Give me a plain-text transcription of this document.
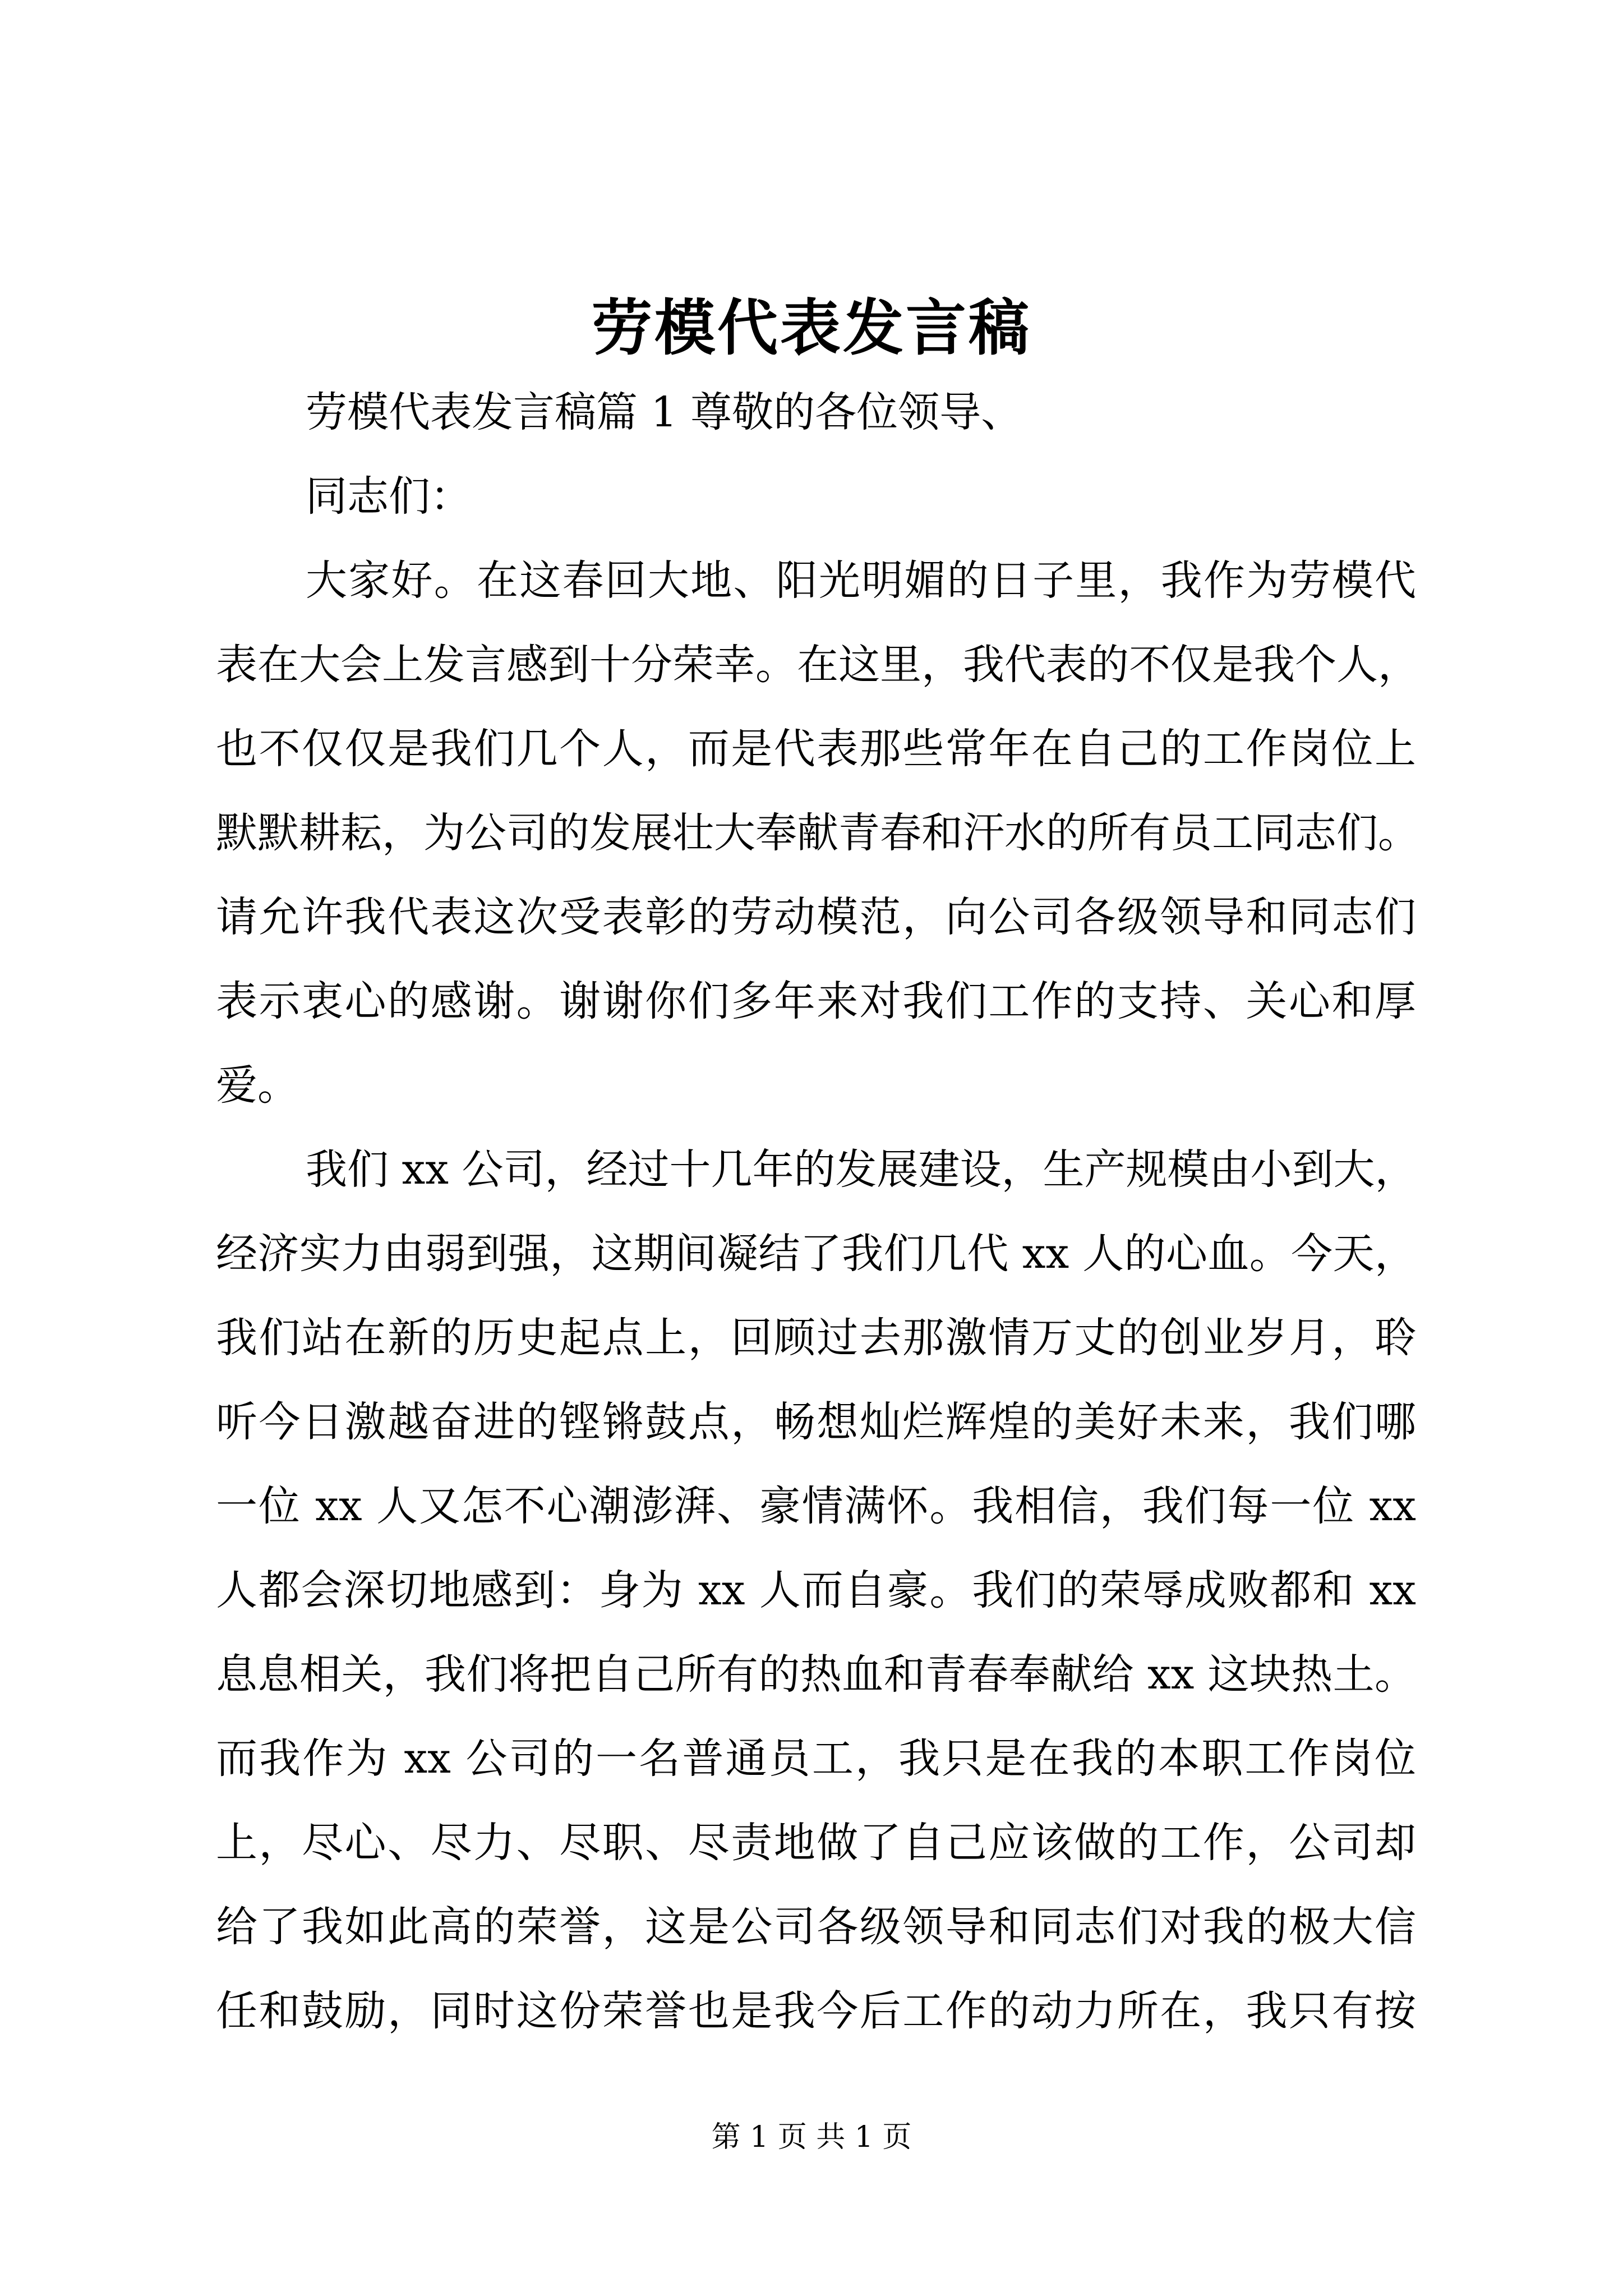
劳模代表发言稿
劳模代表发言稿篇 1 尊敬的各位领导、
同志们：
大家好。在这春回大地、阳光明媚的日子里，我作为劳模代
表在大会上发言感到十分荣幸。在这里，我代表的不仅是我个人，
也不仅仅是我们几个人，而是代表那些常年在自己的工作岗位上
默默耕耘，为公司的发展壮大奉献青春和汗水的所有员工同志们。
请允许我代表这次受表彰的劳动模范，向公司各级领导和同志们
表示衷心的感谢。谢谢你们多年来对我们工作的支持、关心和厚
爱。
我们 xx 公司，经过十几年的发展建设，生产规模由小到大，
经济实力由弱到强，这期间凝结了我们几代 xx 人的心血。今天，
我们站在新的历史起点上，回顾过去那激情万丈的创业岁月，聆
听今日激越奋进的铿锵鼓点，畅想灿烂辉煌的美好未来，我们哪
一位 xx 人又怎不心潮澎湃、豪情满怀。我相信，我们每一位 xx
人都会深切地感到：身为 xx 人而自豪。我们的荣辱成败都和 xx
息息相关，我们将把自己所有的热血和青春奉献给 xx 这块热土。
而我作为 xx 公司的一名普通员工，我只是在我的本职工作岗位
上，尽心、尽力、尽职、尽责地做了自己应该做的工作，公司却
给了我如此高的荣誉，这是公司各级领导和同志们对我的极大信
任和鼓励，同时这份荣誉也是我今后工作的动力所在，我只有按
第 1 页 共 1 页
